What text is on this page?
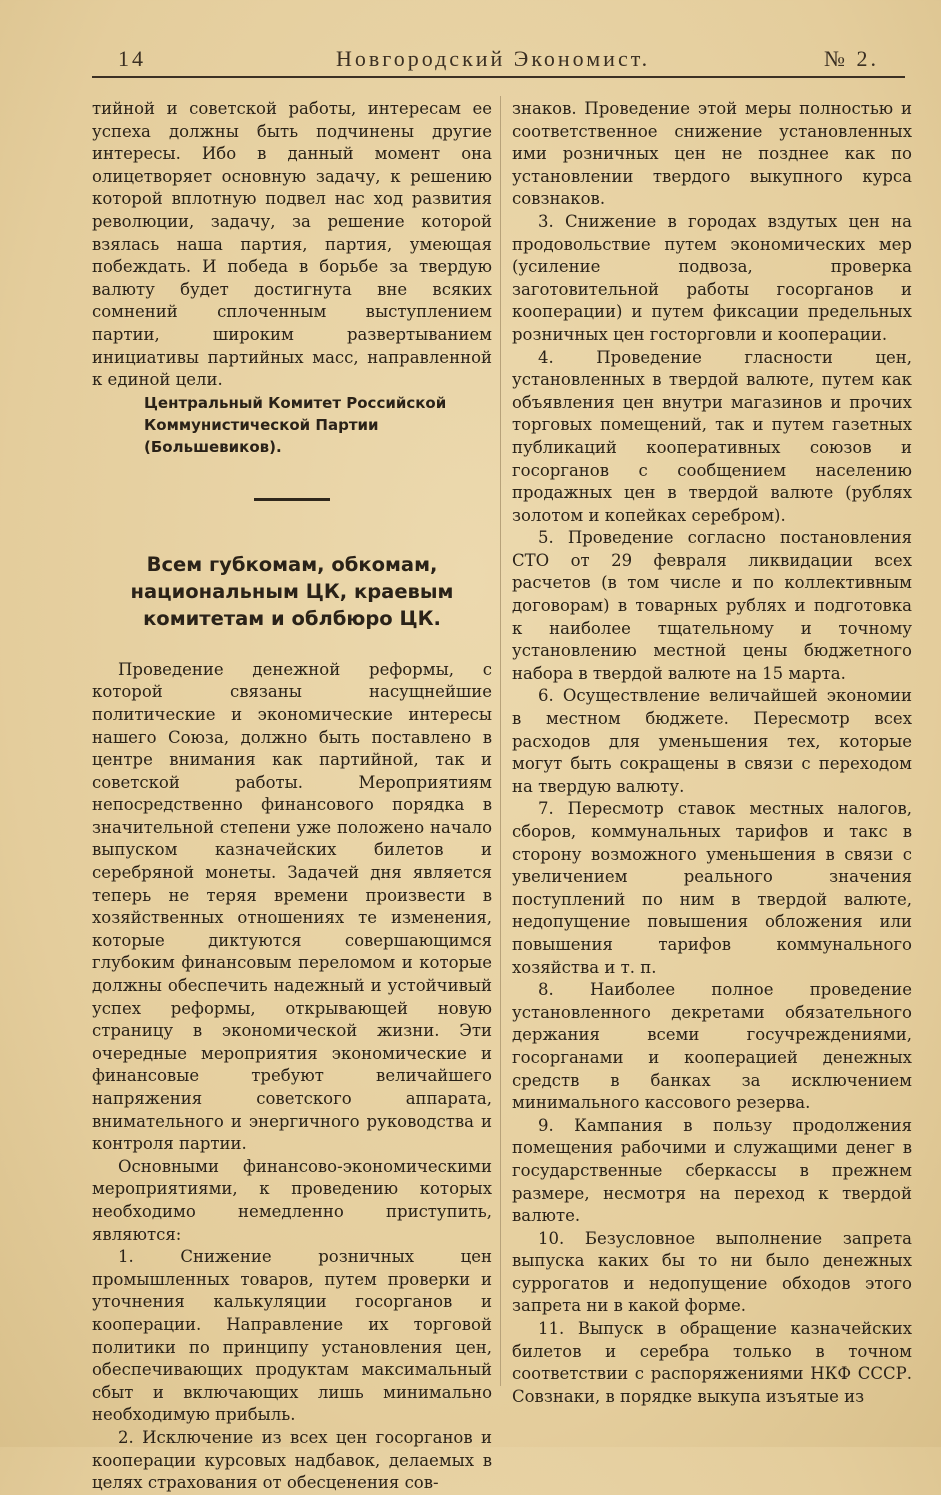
14	Новгородский Экономист.	№ 2.

тийной и советской работы, интересам ее успеха должны быть подчинены другие интересы. Ибо в данный момент она олицетворяет основную задачу, к решению которой вплотную подвел нас ход развития революции, задачу, за решение которой взялась наша партия, партия, умеющая побеждать. И победа в борьбе за твердую валюту будет достигнута вне всяких сомнений сплоченным выступлением партии, широким развертыванием инициативы партийных масс, направленной к единой цели.

Центральный Комитет Российской Коммунистической Партии (Большевиков).

Всем губкомам, обкомам, национальным ЦК, краевым комитетам и облбюро ЦК.

Проведение денежной реформы, с которой связаны насущнейшие политические и экономические интересы нашего Союза, должно быть поставлено в центре внимания как партийной, так и советской работы. Мероприятиям непосредственно финансового порядка в значительной степени уже положено начало выпуском казначейских билетов и серебряной монеты. Задачей дня является теперь не теряя времени произвести в хозяйственных отношениях те изменения, которые диктуются совершающимся глубоким финансовым переломом и которые должны обеспечить надежный и устойчивый успех реформы, открывающей новую страницу в экономической жизни. Эти очередные мероприятия экономические и финансовые требуют величайшего напряжения советского аппарата, внимательного и энергичного руководства и контроля партии.

Основными финансово-экономическими мероприятиями, к проведению которых необходимо немедленно приступить, являются:

1. Снижение розничных цен промышленных товаров, путем проверки и уточнения калькуляции госорганов и кооперации. Направление их торговой политики по принципу установления цен, обеспечивающих продуктам максимальный сбыт и включающих лишь минимально необходимую прибыль.

2. Исключение из всех цен госорганов и кооперации курсовых надбавок, делаемых в целях страхования от обесценения сов-

знаков. Проведение этой меры полностью и соответственное снижение установленных ими розничных цен не позднее как по установлении твердого выкупного курса совзнаков.

3. Снижение в городах вздутых цен на продовольствие путем экономических мер (усиление подвоза, проверка заготовительной работы госорганов и кооперации) и путем фиксации предельных розничных цен госторговли и кооперации.

4. Проведение гласности цен, установленных в твердой валюте, путем как объявления цен внутри магазинов и прочих торговых помещений, так и путем газетных публикаций кооперативных союзов и госорганов с сообщением населению продажных цен в твердой валюте (рублях золотом и копейках серебром).

5. Проведение согласно постановления СТО от 29 февраля ликвидации всех расчетов (в том числе и по коллективным договорам) в товарных рублях и подготовка к наиболее тщательному и точному установлению местной цены бюджетного набора в твердой валюте на 15 марта.

6. Осуществление величайшей экономии в местном бюджете. Пересмотр всех расходов для уменьшения тех, которые могут быть сокращены в связи с переходом на твердую валюту.

7. Пересмотр ставок местных налогов, сборов, коммунальных тарифов и такс в сторону возможного уменьшения в связи с увеличением реального значения поступлений по ним в твердой валюте, недопущение повышения обложения или повышения тарифов коммунального хозяйства и т. п.

8. Наиболее полное проведение установленного декретами обязательного держания всеми госучреждениями, госорганами и кооперацией денежных средств в банках за исключением минимального кассового резерва.

9. Кампания в пользу продолжения помещения рабочими и служащими денег в государственные сберкассы в прежнем размере, несмотря на переход к твердой валюте.

10. Безусловное выполнение запрета выпуска каких бы то ни было денежных суррогатов и недопущение обходов этого запрета ни в какой форме.

11. Выпуск в обращение казначейских билетов и серебра только в точном соответствии с распоряжениями НКФ СССР. Совзнаки, в порядке выкупа изъятые из
